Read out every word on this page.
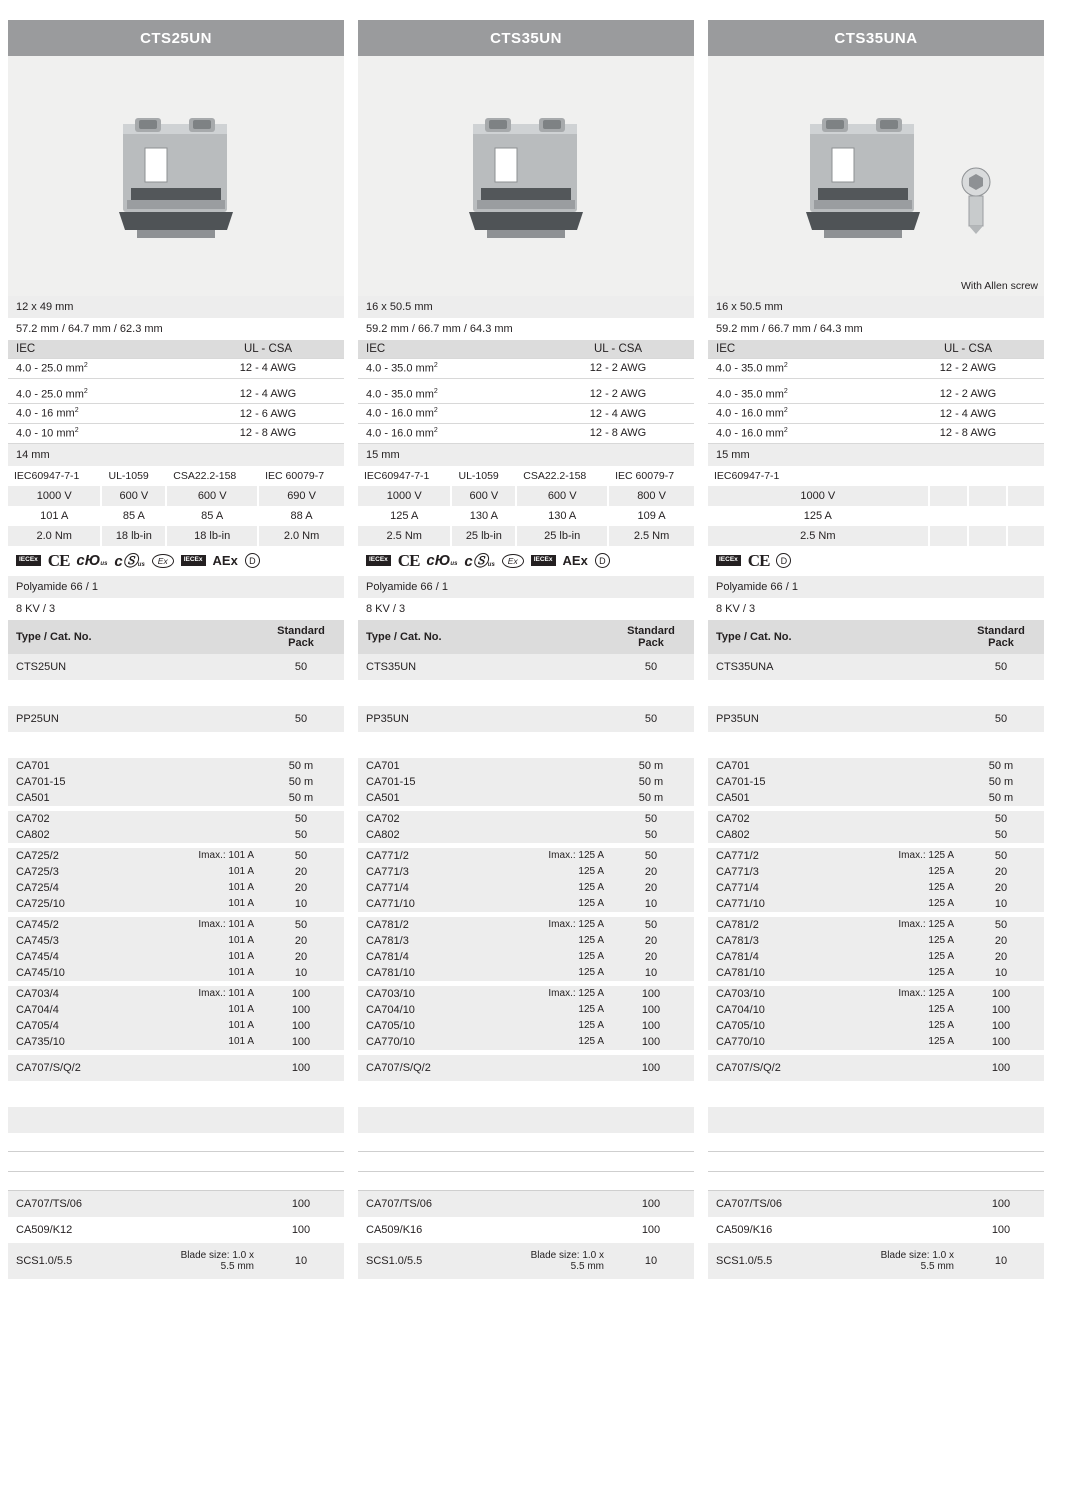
CTS25UN
12 x 49 mm
57.2 mm / 64.7 mm / 62.3 mm
IEC	UL - CSA
4.0 - 25.0 $mm^2$	12 - 4 AWG

4.0 - 25.0 $mm^2$	12 - 4 AWG
4.0 - 16 $mm^2$	12 - 6 AWG
4.0 - 10 $mm^2$	12 - 8 AWG
14 mm
IEC60947-7-1	UL-1059	CSA22.2-158	IEC 60079-7
1000 V	600 V	600 V	690 V
101 A	85 A	85 A	88 A
2.0 Nm	18 lb-in	18 lb-in	2.0 Nm
IECEx CE cЮus cⓈus	Ex	IECEx AEx	D
Polyamide 66 / 1
8 KV / 3
Type / Cat. No.		Standard Pack
CTS25UN		50

PP25UN		50

CA701		50 m
CA701-15		50 m
CA501		50 m

CA702		50
CA802		50

CA725/2	Imax.: 101 A	50
CA725/3	101 A	20
CA725/4	101 A	20
CA725/10	101 A	10

CA745/2	Imax.: 101 A	50
CA745/3	101 A	20
CA745/4	101 A	20
CA745/10	101 A	10

CA703/4	Imax.: 101 A	100
CA704/4	101 A	100
CA705/4	101 A	100
CA735/10	101 A	100

CA707/S/Q/2		100

CA707/TS/06		100
CA509/K12		100
SCS1.0/5.5	Blade size: 1.0 x 5.5 mm	10
CTS35UN
16 x 50.5 mm
59.2 mm / 66.7 mm / 64.3 mm
IEC	UL - CSA
4.0 - 35.0 $mm^2$	12 - 2 AWG

4.0 - 35.0 $mm^2$	12 - 2 AWG
4.0 - 16.0 $mm^2$	12 - 4 AWG
4.0 - 16.0 $mm^2$	12 - 8 AWG
15 mm
IEC60947-7-1	UL-1059	CSA22.2-158	IEC 60079-7
1000 V	600 V	600 V	800 V
125 A	130 A	130 A	109 A
2.5 Nm	25 lb-in	25 lb-in	2.5 Nm
IECEx CE cЮus cⓈus	Ex	IECEx AEx	D
Polyamide 66 / 1
8 KV / 3
Type / Cat. No.		Standard Pack
CTS35UN		50

PP35UN		50

CA701		50 m
CA701-15		50 m
CA501		50 m

CA702		50
CA802		50

CA771/2	Imax.: 125 A	50
CA771/3	125 A	20
CA771/4	125 A	20
CA771/10	125 A	10

CA781/2	Imax.: 125 A	50
CA781/3	125 A	20
CA781/4	125 A	20
CA781/10	125 A	10

CA703/10	Imax.: 125 A	100
CA704/10	125 A	100
CA705/10	125 A	100
CA770/10	125 A	100

CA707/S/Q/2		100

CA707/TS/06		100
CA509/K16		100
SCS1.0/5.5	Blade size: 1.0 x 5.5 mm	10
CTS35UNA
With Allen screw
16 x 50.5 mm
59.2 mm / 66.7 mm / 64.3 mm
IEC	UL - CSA
4.0 - 35.0 $mm^2$	12 - 2 AWG

4.0 - 35.0 $mm^2$	12 - 2 AWG
4.0 - 16.0 $mm^2$	12 - 4 AWG
4.0 - 16.0 $mm^2$	12 - 8 AWG
15 mm
IEC60947-7-1			
1000 V			
125 A			
2.5 Nm			
IECEx CE	D
Polyamide 66 / 1
8 KV / 3
Type / Cat. No.		Standard Pack
CTS35UNA		50

PP35UN		50

CA701		50 m
CA701-15		50 m
CA501		50 m

CA702		50
CA802		50

CA771/2	Imax.: 125 A	50
CA771/3	125 A	20
CA771/4	125 A	20
CA771/10	125 A	10

CA781/2	Imax.: 125 A	50
CA781/3	125 A	20
CA781/4	125 A	20
CA781/10	125 A	10

CA703/10	Imax.: 125 A	100
CA704/10	125 A	100
CA705/10	125 A	100
CA770/10	125 A	100

CA707/S/Q/2		100

CA707/TS/06		100
CA509/K16		100
SCS1.0/5.5	Blade size: 1.0 x 5.5 mm	10
